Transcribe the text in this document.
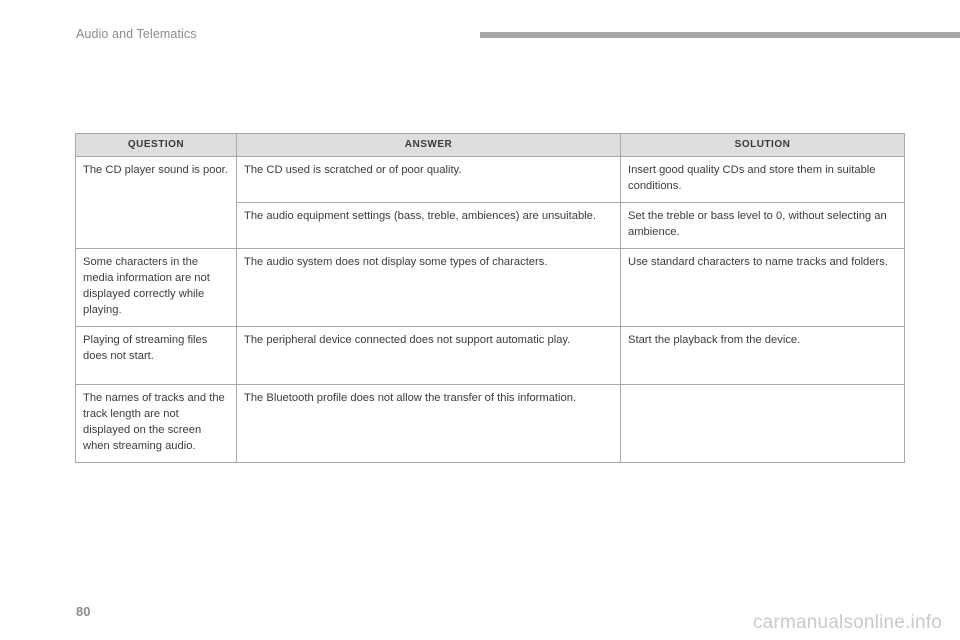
Audio and Telematics
QUESTION	ANSWER	SOLUTION
The CD player sound is poor.	The CD used is scratched or of poor quality.	Insert good quality CDs and store them in suitable conditions.
	The audio equipment settings (bass, treble, ambiences) are unsuitable.	Set the treble or bass level to 0, without selecting an ambience.
Some characters in the media information are not displayed correctly while playing.	The audio system does not display some types of characters.	Use standard characters to name tracks and folders.
Playing of streaming files does not start.	The peripheral device connected does not support automatic play.	Start the playback from the device.
The names of tracks and the track length are not displayed on the screen when streaming audio.	The Bluetooth profile does not allow the transfer of this information.	
80
carmanualsonline.info
